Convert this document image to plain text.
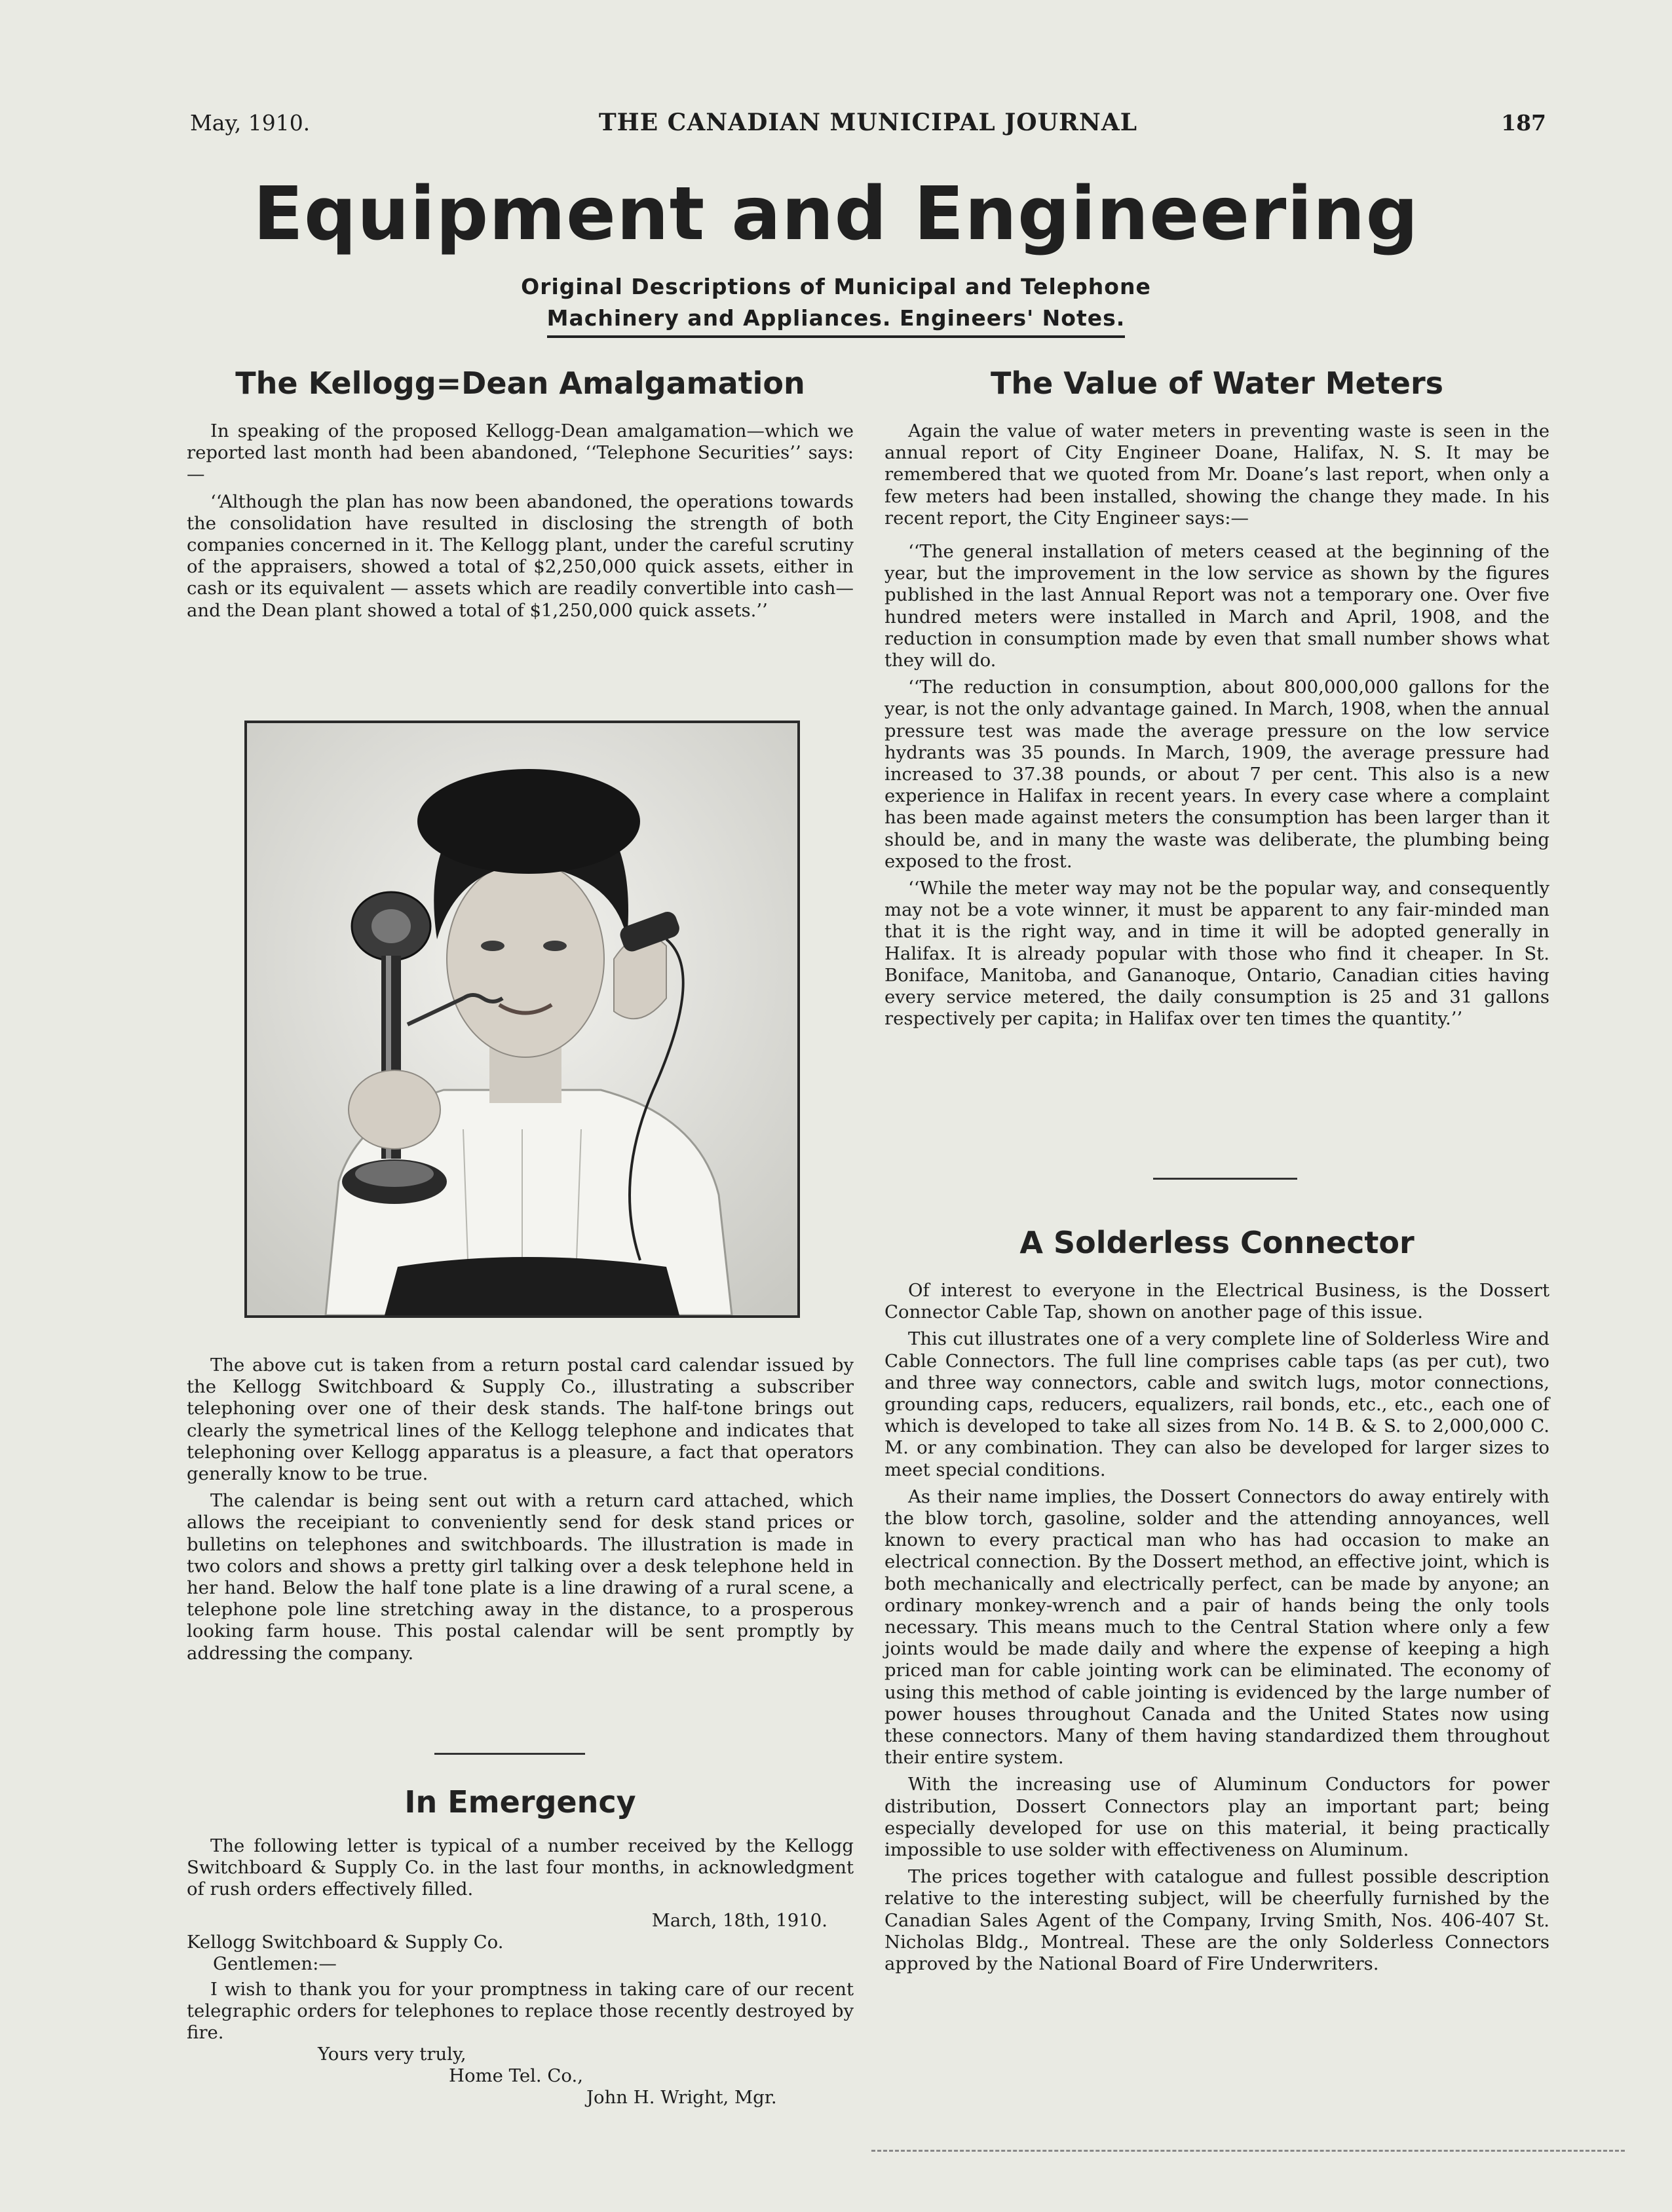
May, 1910.	THE CANADIAN MUNICIPAL JOURNAL	187
Equipment and Engineering
Original Descriptions of Municipal and Telephone
Machinery and Appliances. Engineers' Notes.
The Kellogg=Dean Amalgamation

In speaking of the proposed Kellogg-Dean amalgamation—which we reported last month had been abandoned, ‘‘Telephone Securities’’ says:—

‘‘Although the plan has now been abandoned, the operations towards the consolidation have resulted in disclosing the strength of both companies concerned in it. The Kellogg plant, under the careful scrutiny of the appraisers, showed a total of $2,250,000 quick assets, either in cash or its equivalent — assets which are readily convertible into cash—and the Dean plant showed a total of $1,250,000 quick assets.’’

The above cut is taken from a return postal card calendar issued by the Kellogg Switchboard & Supply Co., illustrating a subscriber telephoning over one of their desk stands. The half-tone brings out clearly the symetrical lines of the Kellogg telephone and indicates that telephoning over Kellogg apparatus is a pleasure, a fact that operators generally know to be true.

The calendar is being sent out with a return card attached, which allows the receipiant to conveniently send for desk stand prices or bulletins on telephones and switchboards. The illustration is made in two colors and shows a pretty girl talking over a desk telephone held in her hand. Below the half tone plate is a line drawing of a rural scene, a telephone pole line stretching away in the distance, to a prosperous looking farm house. This postal calendar will be sent promptly by addressing the company.

In Emergency

The following letter is typical of a number received by the Kellogg Switchboard & Supply Co. in the last four months, in acknowledgment of rush orders effectively filled.

March, 18th, 1910.
Kellogg Switchboard & Supply Co.
Gentlemen:—

I wish to thank you for your promptness in taking care of our recent telegraphic orders for telephones to replace those recently destroyed by fire.

Yours very truly,
Home Tel. Co.,
John H. Wright, Mgr.
The Value of Water Meters

Again the value of water meters in preventing waste is seen in the annual report of City Engineer Doane, Halifax, N. S. It may be remembered that we quoted from Mr. Doane’s last report, when only a few meters had been installed, showing the change they made. In his recent report, the City Engineer says:—

‘‘The general installation of meters ceased at the beginning of the year, but the improvement in the low service as shown by the figures published in the last Annual Report was not a temporary one. Over five hundred meters were installed in March and April, 1908, and the reduction in consumption made by even that small number shows what they will do.

‘‘The reduction in consumption, about 800,000,000 gallons for the year, is not the only advantage gained. In March, 1908, when the annual pressure test was made the average pressure on the low service hydrants was 35 pounds. In March, 1909, the average pressure had increased to 37.38 pounds, or about 7 per cent. This also is a new experience in Halifax in recent years. In every case where a complaint has been made against meters the consumption has been larger than it should be, and in many the waste was deliberate, the plumbing being exposed to the frost.

‘‘While the meter way may not be the popular way, and consequently may not be a vote winner, it must be apparent to any fair-minded man that it is the right way, and in time it will be adopted generally in Halifax. It is already popular with those who find it cheaper. In St. Boniface, Manitoba, and Gananoque, Ontario, Canadian cities having every service metered, the daily consumption is 25 and 31 gallons respectively per capita; in Halifax over ten times the quantity.’’

A Solderless Connector

Of interest to everyone in the Electrical Business, is the Dossert Connector Cable Tap, shown on another page of this issue.

This cut illustrates one of a very complete line of Solderless Wire and Cable Connectors. The full line comprises cable taps (as per cut), two and three way connectors, cable and switch lugs, motor connections, grounding caps, reducers, equalizers, rail bonds, etc., etc., each one of which is developed to take all sizes from No. 14 B. & S. to 2,000,000 C. M. or any combination. They can also be developed for larger sizes to meet special conditions.

As their name implies, the Dossert Connectors do away entirely with the blow torch, gasoline, solder and the attending annoyances, well known to every practical man who has had occasion to make an electrical connection. By the Dossert method, an effective joint, which is both mechanically and electrically perfect, can be made by anyone; an ordinary monkey-wrench and a pair of hands being the only tools necessary. This means much to the Central Station where only a few joints would be made daily and where the expense of keeping a high priced man for cable jointing work can be eliminated. The economy of using this method of cable jointing is evidenced by the large number of power houses throughout Canada and the United States now using these connectors. Many of them having standardized them throughout their entire system.

With the increasing use of Aluminum Conductors for power distribution, Dossert Connectors play an important part; being especially developed for use on this material, it being practically impossible to use solder with effectiveness on Aluminum.

The prices together with catalogue and fullest possible description relative to the interesting subject, will be cheerfully furnished by the Canadian Sales Agent of the Company, Irving Smith, Nos. 406-407 St. Nicholas Bldg., Montreal. These are the only Solderless Connectors approved by the National Board of Fire Underwriters.
